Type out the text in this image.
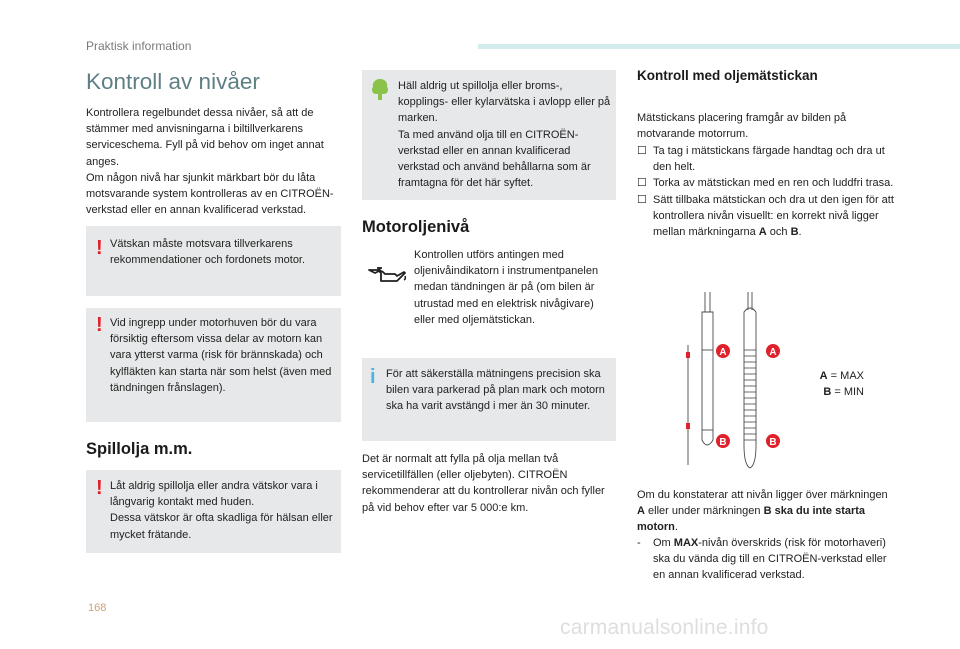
Praktisk information
Kontroll av nivåer
Kontrollera regelbundet dessa nivåer, så att de stämmer med anvisningarna i biltillverkarens serviceschema. Fyll på vid behov om inget annat anges.
Om någon nivå har sjunkit märkbart bör du låta motsvarande system kontrolleras av en CITROËN-verkstad eller en annan kvalificerad verkstad.
! Vätskan måste motsvara tillverkarens rekommendationer och fordonets motor.
! Vid ingrepp under motorhuven bör du vara försiktig eftersom vissa delar av motorn kan vara ytterst varma (risk för brännskada) och kylfläkten kan starta när som helst (även med tändningen frånslagen).
Spillolja m.m.
! Låt aldrig spillolja eller andra vätskor vara i långvarig kontakt med huden.
Dessa vätskor är ofta skadliga för hälsan eller mycket frätande.
Häll aldrig ut spillolja eller broms-, kopplings- eller kylarvätska i avlopp eller på marken.
Ta med använd olja till en CITROËN-verkstad eller en annan kvalificerad verkstad och använd behållarna som är framtagna för det här syftet.
Motoroljenivå
Kontrollen utförs antingen med oljenivåindikatorn i instrumentpanelen medan tändningen är på (om bilen är utrustad med en elektrisk nivågivare) eller med oljemätstickan.
i För att säkerställa mätningens precision ska bilen vara parkerad på plan mark och motorn ska ha varit avstängd i mer än 30 minuter.
Det är normalt att fylla på olja mellan två servicetillfällen (eller oljebyten). CITROËN rekommenderar att du kontrollerar nivån och fyller på vid behov efter var 5 000:e km.
Kontroll med oljemätstickan
Mätstickans placering framgår av bilden på motvarande motorrum.
☐ Ta tag i mätstickans färgade handtag och dra ut den helt.
☐ Torka av mätstickan med en ren och luddfri trasa.
☐ Sätt tillbaka mätstickan och dra ut den igen för att kontrollera nivån visuellt: en korrekt nivå ligger mellan märkningarna A och B.
A	A
B	B
A = MAX
B = MIN
Om du konstaterar att nivån ligger över märkningen A eller under märkningen B ska du inte starta motorn.
- Om MAX-nivån överskrids (risk för motorhaveri) ska du vända dig till en CITROËN-verkstad eller en annan kvalificerad verkstad.
168
carmanualsonline.info
